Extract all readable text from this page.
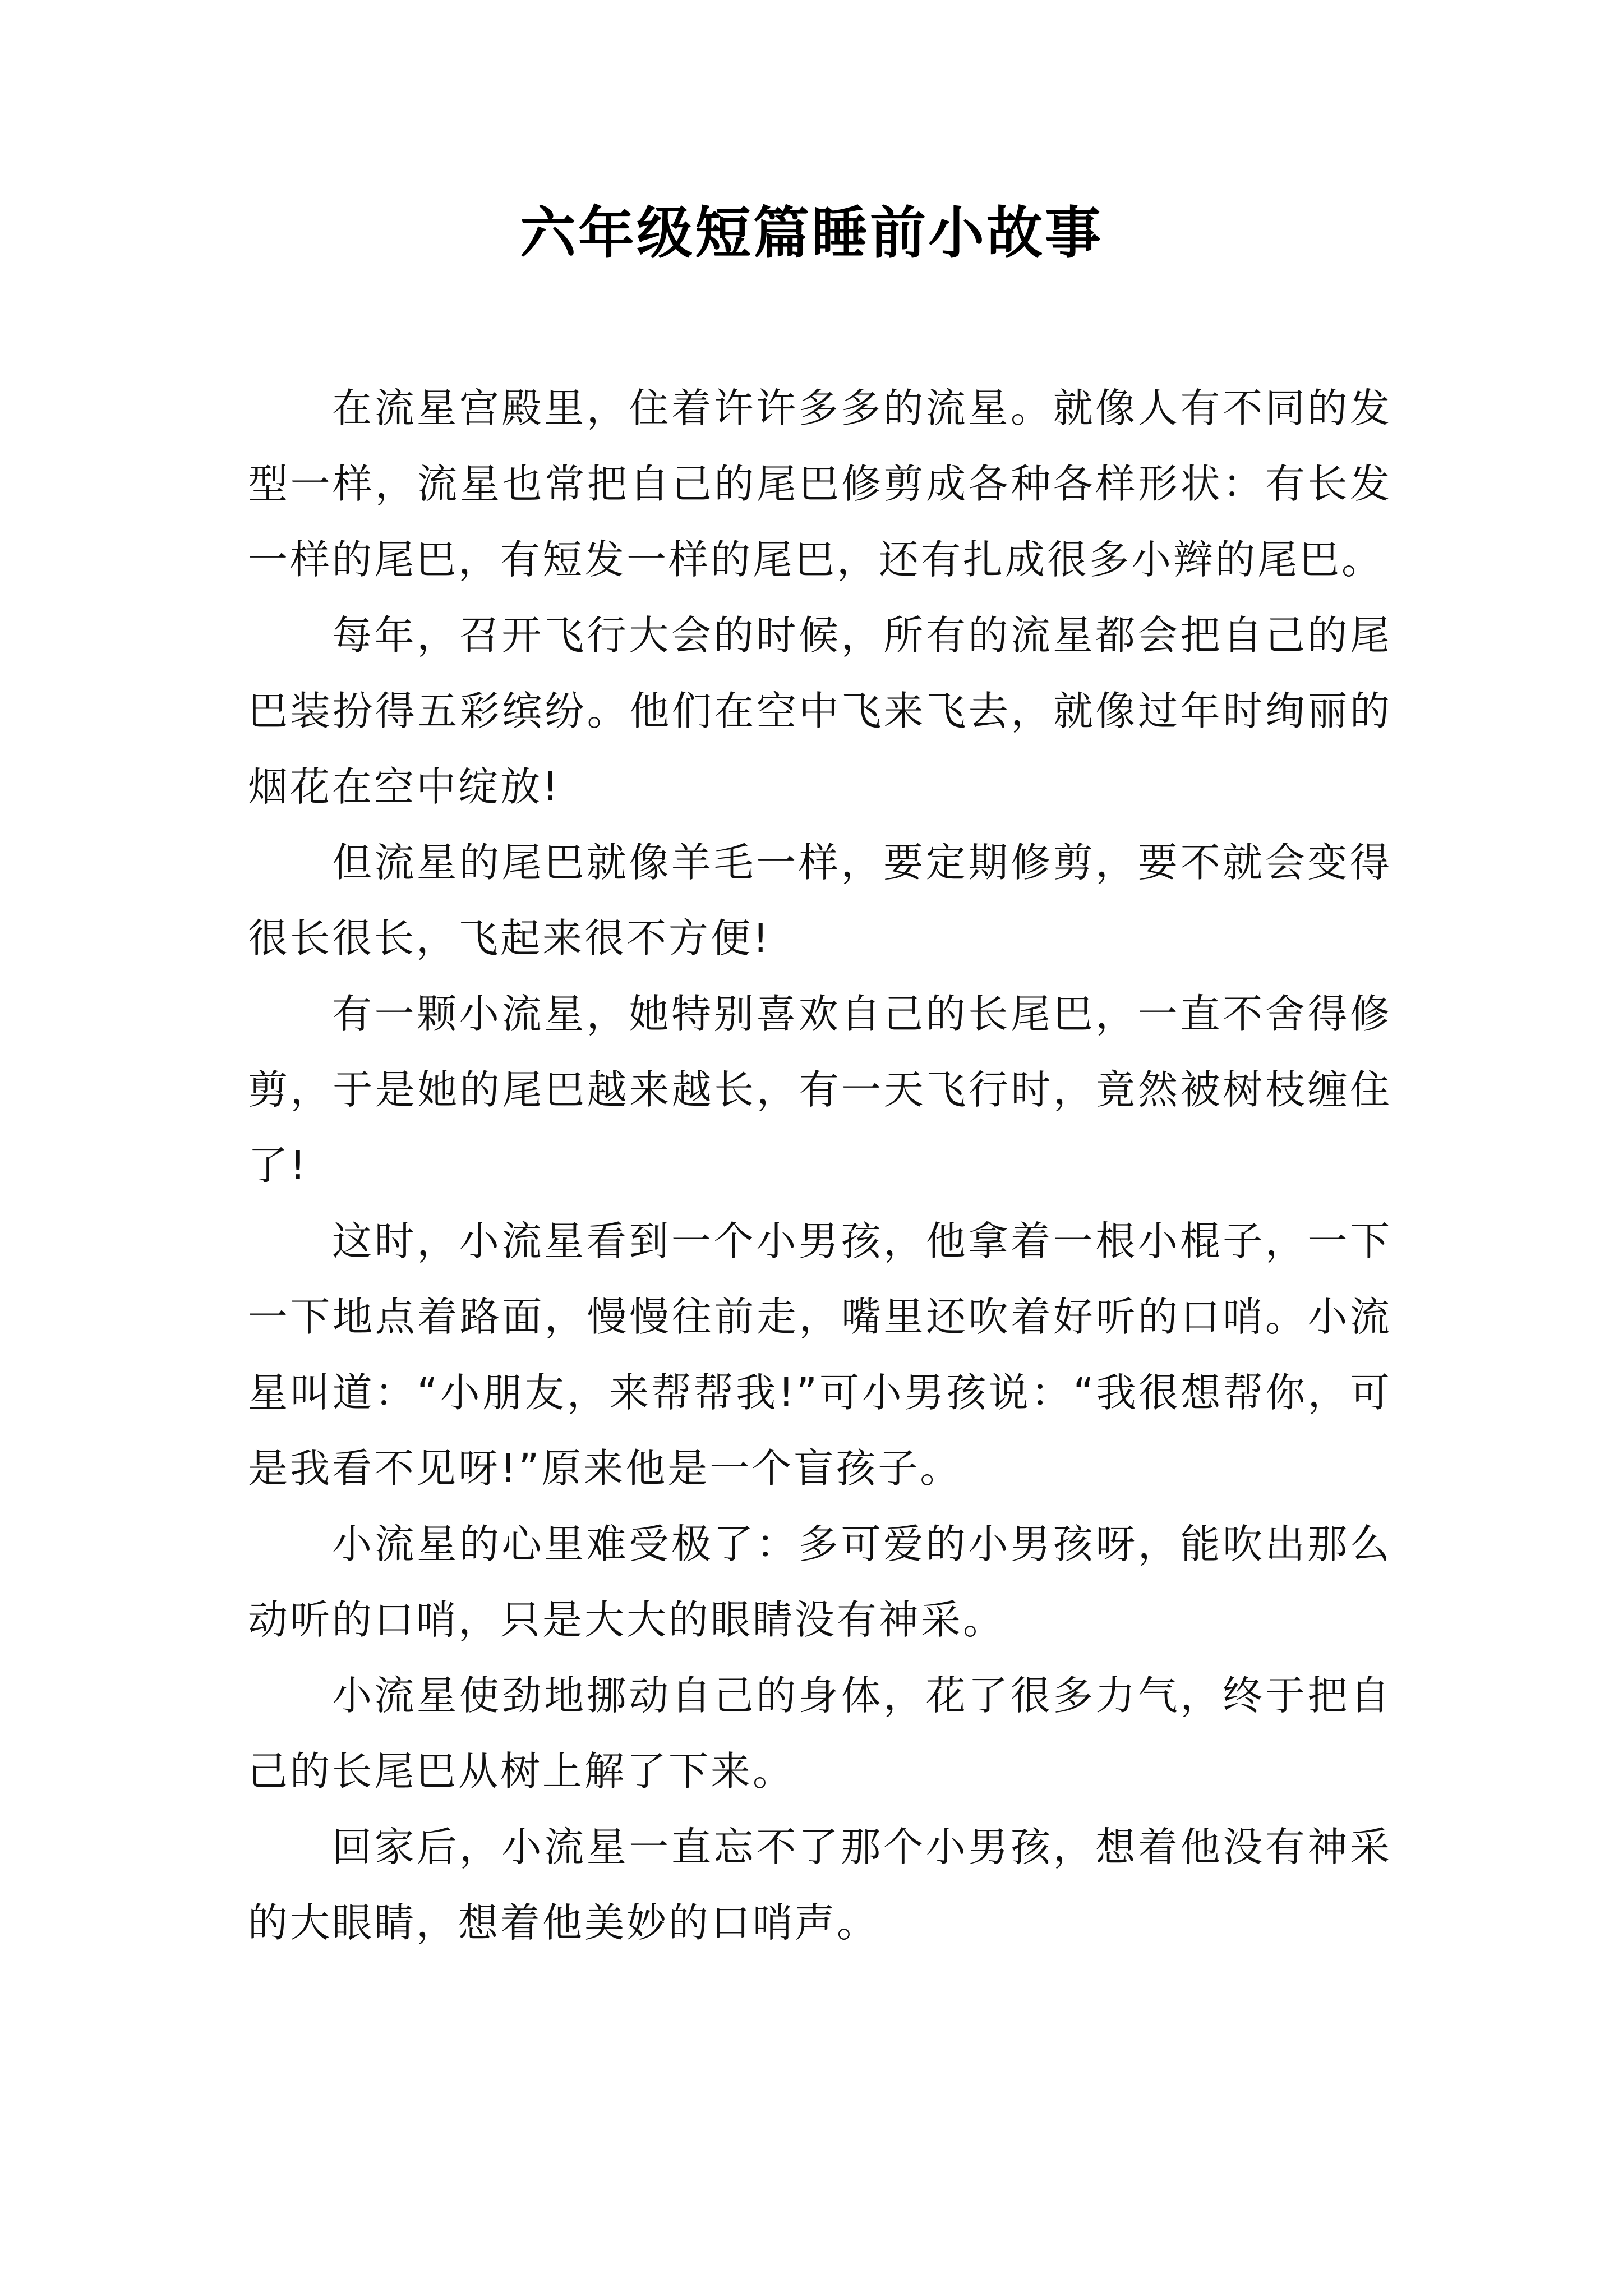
六年级短篇睡前小故事

在流星宫殿里，住着许许多多的流星。就像人有不同的发型一样，流星也常把自己的尾巴修剪成各种各样形状：有长发一样的尾巴，有短发一样的尾巴，还有扎成很多小辫的尾巴。

每年，召开飞行大会的时候，所有的流星都会把自己的尾巴装扮得五彩缤纷。他们在空中飞来飞去，就像过年时绚丽的烟花在空中绽放!

但流星的尾巴就像羊毛一样，要定期修剪，要不就会变得很长很长，飞起来很不方便!

有一颗小流星，她特别喜欢自己的长尾巴，一直不舍得修剪，于是她的尾巴越来越长，有一天飞行时，竟然被树枝缠住了!

这时，小流星看到一个小男孩，他拿着一根小棍子，一下一下地点着路面，慢慢往前走，嘴里还吹着好听的口哨。小流星叫道：“小朋友，来帮帮我!”可小男孩说：“我很想帮你，可是我看不见呀!”原来他是一个盲孩子。

小流星的心里难受极了：多可爱的小男孩呀，能吹出那么动听的口哨，只是大大的眼睛没有神采。

小流星使劲地挪动自己的身体，花了很多力气，终于把自己的长尾巴从树上解了下来。

回家后，小流星一直忘不了那个小男孩，想着他没有神采的大眼睛，想着他美妙的口哨声。
